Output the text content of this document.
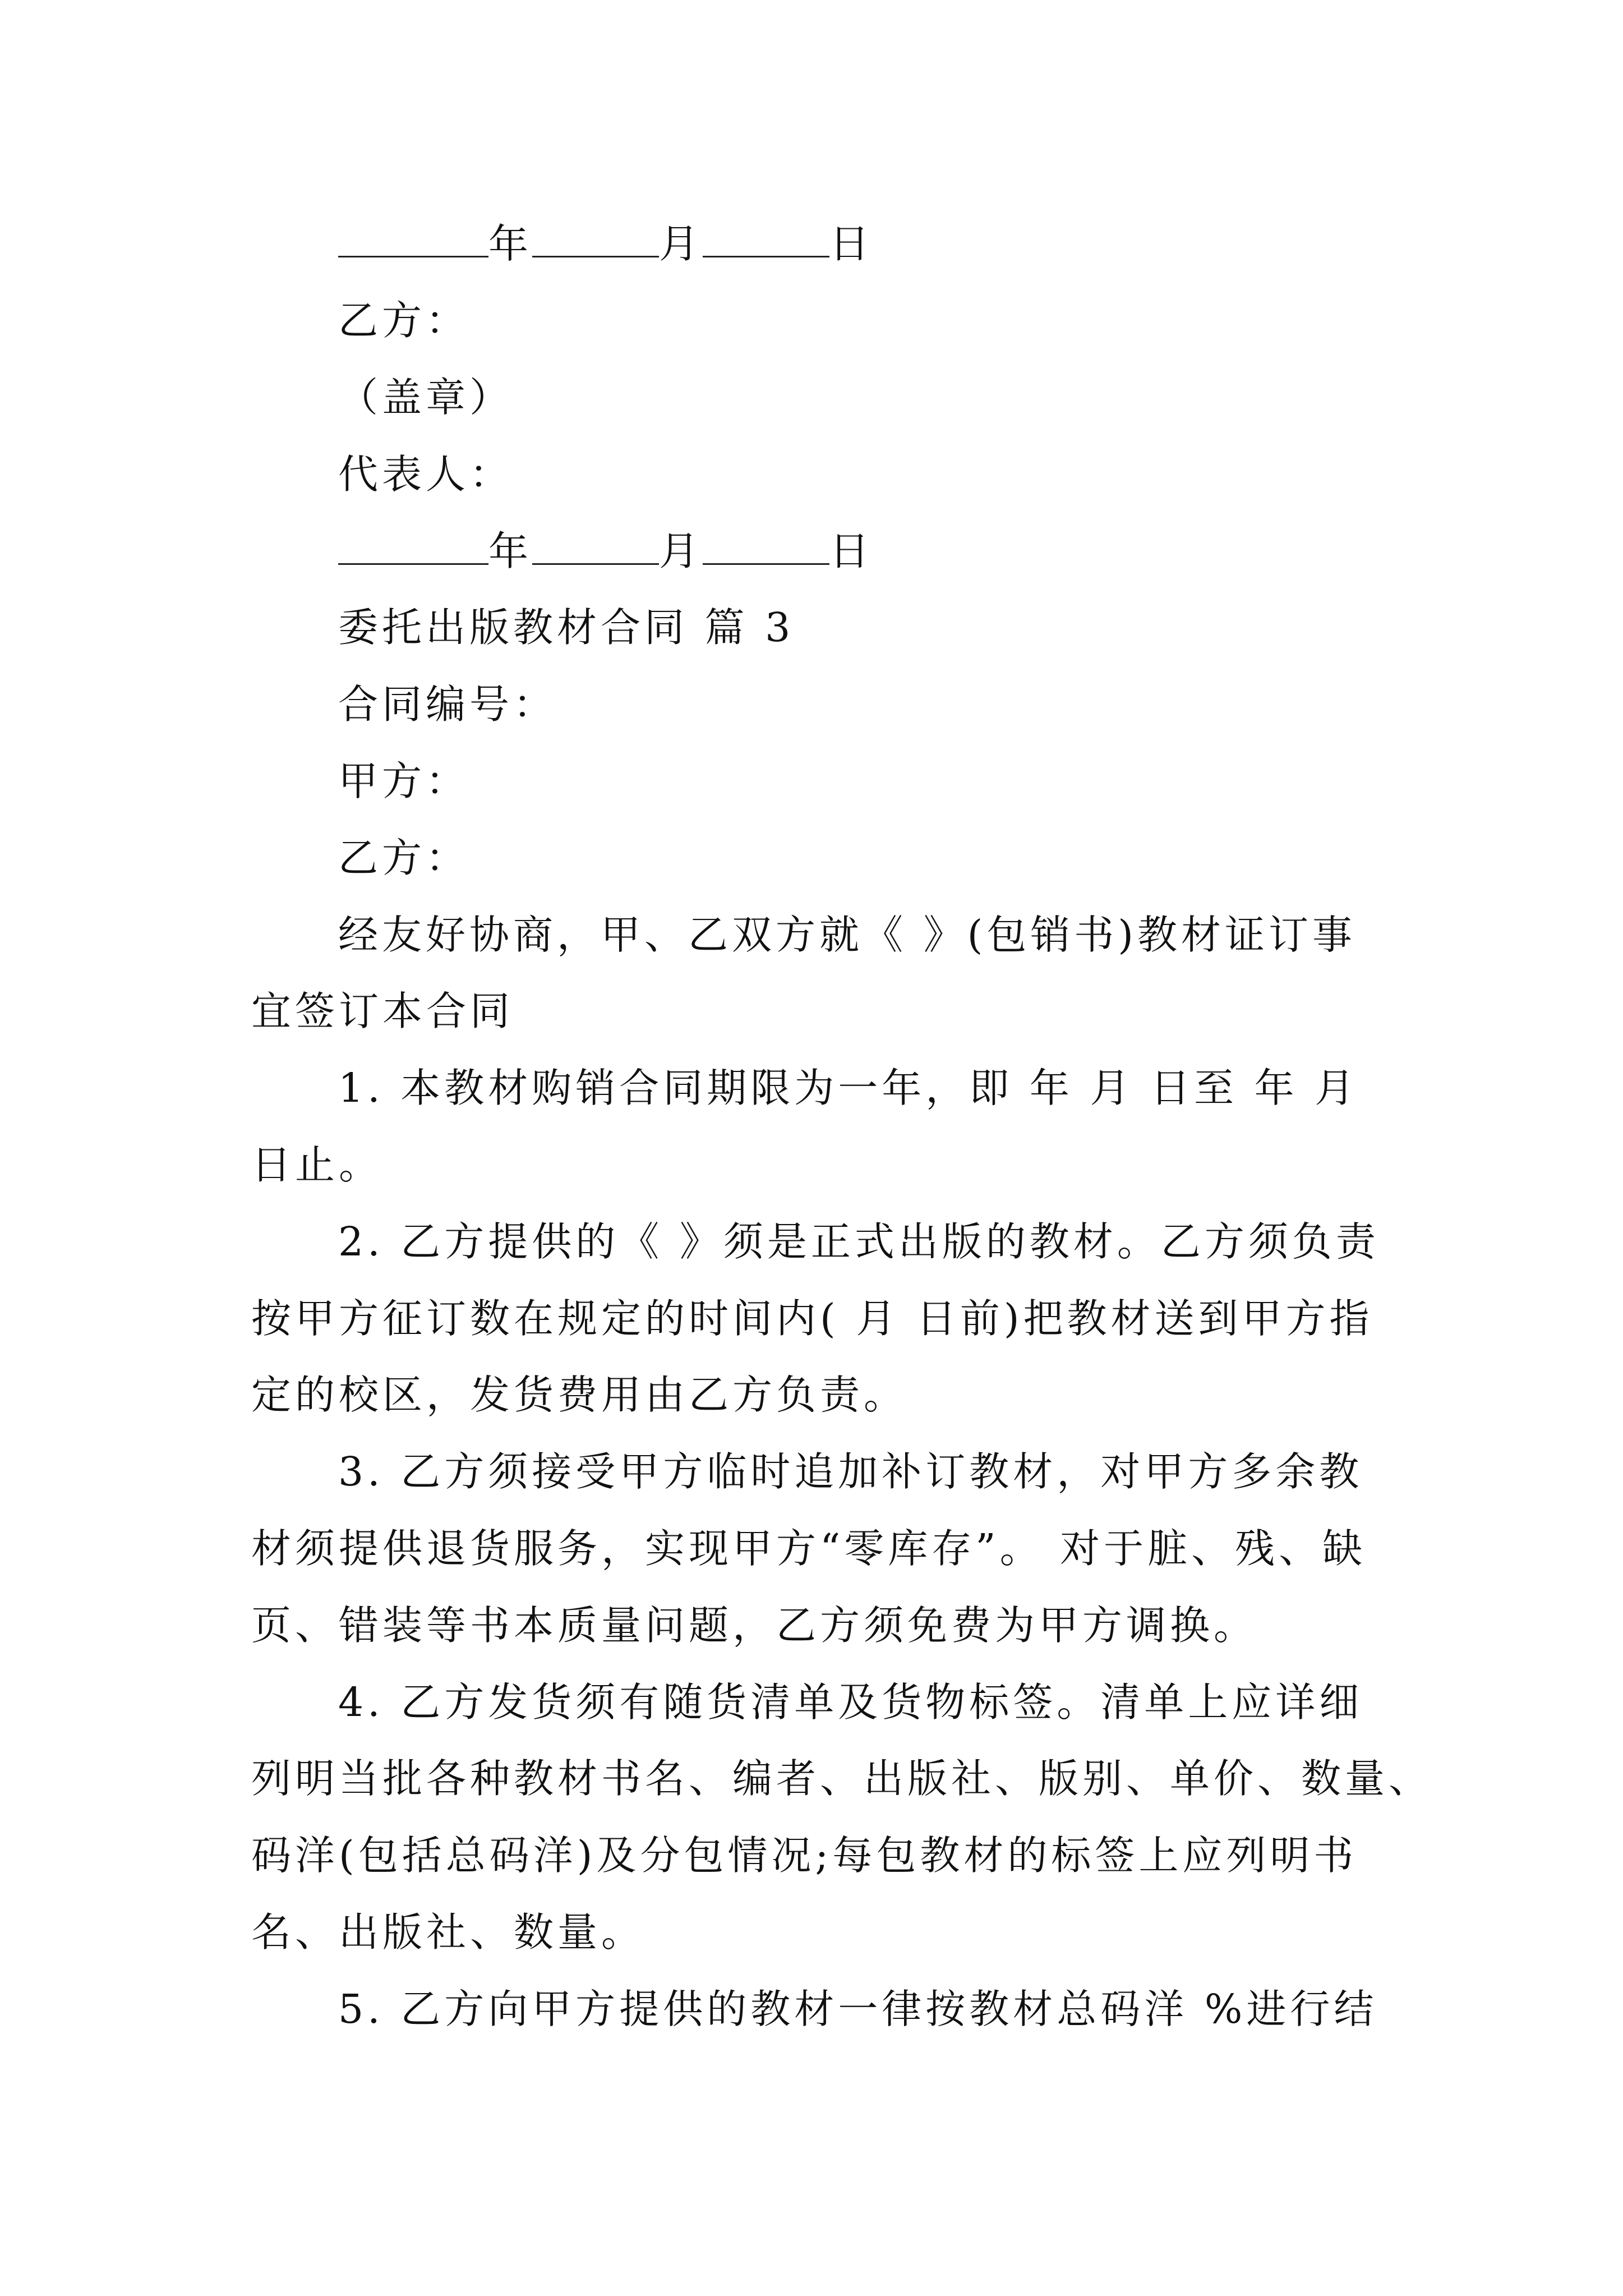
年	月	日
乙方：
（盖章）
代表人：
年	月	日
委托出版教材合同 篇 3
合同编号：
甲方：
乙方：
经友好协商，甲、乙双方就《 》(包销书)教材证订事
宜签订本合同
1. 本教材购销合同期限为一年，即 年 月 日至 年 月
日止。
2. 乙方提供的《 》须是正式出版的教材。乙方须负责
按甲方征订数在规定的时间内( 月 日前)把教材送到甲方指
定的校区，发货费用由乙方负责。
3. 乙方须接受甲方临时追加补订教材，对甲方多余教
材须提供退货服务，实现甲方“零库存”。 对于脏、残、缺
页、错装等书本质量问题，乙方须免费为甲方调换。
4. 乙方发货须有随货清单及货物标签。清单上应详细
列明当批各种教材书名、编者、出版社、版别、单价、数量、
码洋(包括总码洋)及分包情况;每包教材的标签上应列明书
名、出版社、数量。
5. 乙方向甲方提供的教材一律按教材总码洋 %进行结
